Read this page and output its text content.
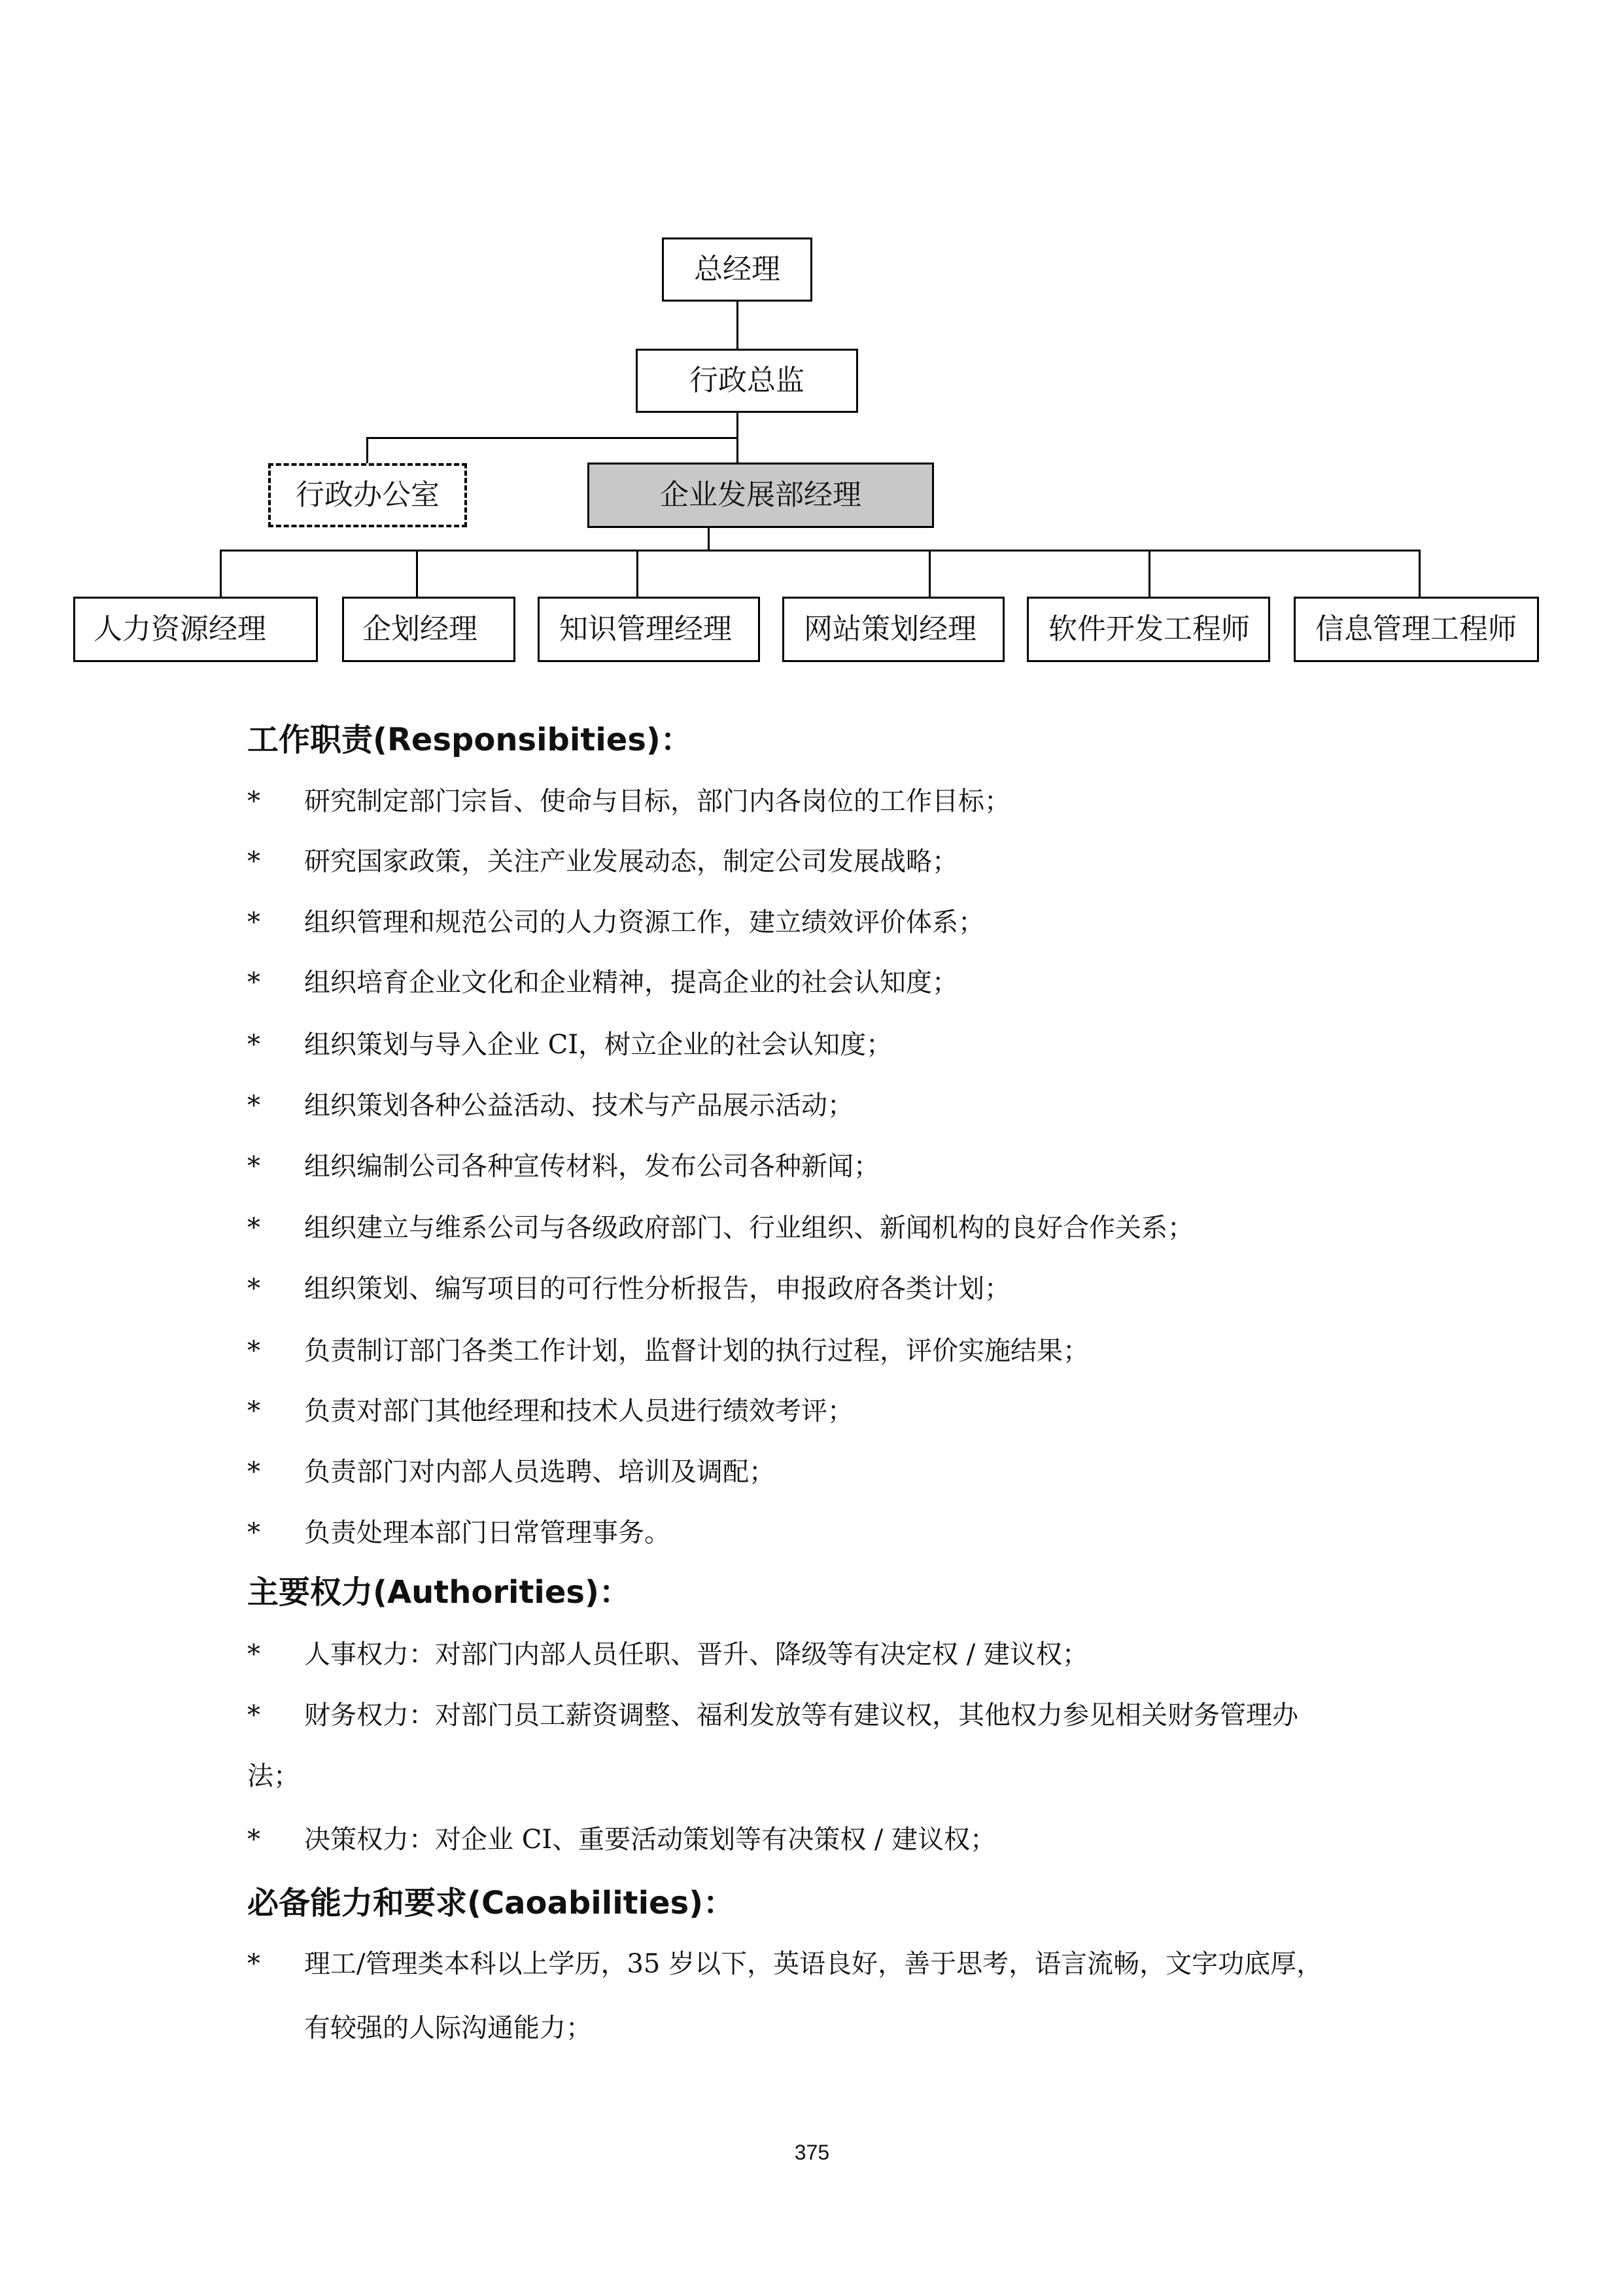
总经理
行政总监
行政办公室	企业发展部经理
人力资源经理	企划经理	知识管理经理	网站策划经理	软件开发工程师	信息管理工程师
工作职责(Responsibities)：
* 研究制定部门宗旨、使命与目标，部门内各岗位的工作目标；
* 研究国家政策，关注产业发展动态，制定公司发展战略；
* 组织管理和规范公司的人力资源工作，建立绩效评价体系；
* 组织培育企业文化和企业精神，提高企业的社会认知度；
* 组织策划与导入企业 CI，树立企业的社会认知度；
* 组织策划各种公益活动、技术与产品展示活动；
* 组织编制公司各种宣传材料，发布公司各种新闻；
* 组织建立与维系公司与各级政府部门、行业组织、新闻机构的良好合作关系；
* 组织策划、编写项目的可行性分析报告，申报政府各类计划；
* 负责制订部门各类工作计划，监督计划的执行过程，评价实施结果；
* 负责对部门其他经理和技术人员进行绩效考评；
* 负责部门对内部人员选聘、培训及调配；
* 负责处理本部门日常管理事务。
主要权力(Authorities)：
* 人事权力：对部门内部人员任职、晋升、降级等有决定权 / 建议权；
* 财务权力：对部门员工薪资调整、福利发放等有建议权，其他权力参见相关财务管理办
法；
* 决策权力：对企业 CI、重要活动策划等有决策权 / 建议权；
必备能力和要求(Caoabilities)：
* 理工/管理类本科以上学历，35 岁以下，英语良好，善于思考，语言流畅，文字功底厚，
有较强的人际沟通能力；
375
